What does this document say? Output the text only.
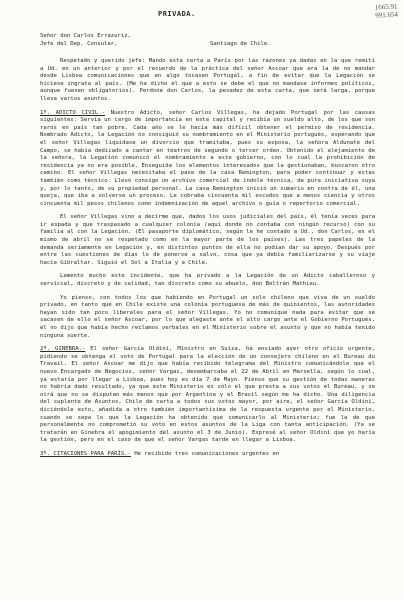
1665.91
991.654
PRIVADA.
Señor don Carlos Errazuriz,
Jefe del Dep. Consular,	Santiago de Chile.

Respetado y querido jefe: Mando esta carta a París por las razones ya dadas en la que remití a Ud. en un anterior y por el recuerdo de la práctica del señor Ascoar que era la de no mandar desde Lisboa comunicaciones que en algo tocasen Portugal, a fin de evitar que la Legación se hiciese ingrata al país. (Me ha dicho el que a esto se debe el que no mandase informes políticos, aunque fuesen obligatorios). Perdone don Carlos, la pesadez de esta carta, que será larga, porque lleva varios asuntos.

1º. ADICTO CIVIL.- Nuestro Adicto, señor Carlos Villegas, ha dejado Portugal por las causas siguientes: Servía un cargo de importancia en esta capital y recibía un sueldo alto, de los que son raros en país tan pobre. Cada año se le hacía más difícil obtener el permiso de residencia. Nombrado Adicto, la Legación no consiguió su nombramiento en el Ministerio portugués, esperando que el señor Villegas liquidase un divorcio que tramitaba, pues su esposa, la señora Aldunate del Campo, se había dedicado a cantar en teatros de segundo o tercer orden. Obtenido el alejamiento de la señora, la Legación comunicó el nombramiento a este gobierno, con lo cual la prohibición de residencia ya no era posible. Enseguida los elementos interesados que la gestionaban, buscaron otro camino. El señor Villegas necesitaba el pase de la casa Remington, para poder continuar y estas también como técnico. Llevó consigo un archivo comercial de índole técnica, de pura iniciativa suya y, por lo tanto, de su propiedad personal. La casa Remington inició un sumario en contra de él, una queja, que iba a volverse un proceso. Le cobraba cincuenta mil escudos que a menos ciencia y otros cincuenta mil pesos chilenos como indemnización de aquel archivo o guía o repertorio comercial.

El señor Villegas vino a decirme que, dados los usos judiciales del país, él tenía veces para ir espada y que traspasado a cualquier colonia (aquí donde no contaba con ningún recurso) con su familia al con la Legación. (El pasaporte diplomático, según le he contado a Ud., don Carlos, es el mismo de abril no se respetado como en la mayor parte de los países). Las tres papeles de la demanda seriamente en Legación y, en distintos puntos de ella no podían dar su apoyo. Después por entre las cuestiones de días lo de ponerse a salvo, cosa que ya debía familiarizarse y su viaje hacia Gibraltar. Siguió el Sol a Italia y a Chile.

Lamento mucho este incidente, que ha privado a la Legación de un Adicto caballeroso y servicial, discreto y de calidad, tan discreto como su abuelo, don Beltrán Mathieu.

Yo pienso, con todos los que habiendo en Portugal un solo chileno que viva de un sueldo privado, en tanto que en Chile existe una colonia portuguesa de más de quinientos, las autoridades hayan sido tan poco liberales para el señor Villegas. Yo no comunique nada para evitar que se sacasen de ello el señor Ascoar, por lo que alegaste ante el alto cargo ante el Gobierno Portugués, el no dijo que había hecho reclamos verbales en el Ministerio sobre el asunto y que no había tenido ninguna suerte.

2º. GINEBRA.- El señor García Oldini, Ministro en Suiza, ha enviado ayer otro oficio urgente, pidiendo se obtenga el voto de Portugal para la elección de un consejero chileno en el Bureau du Travail. El señor Ascoar me dijo que había recibido telegrama del Ministro comunicándole que el nuevo Encargado de Negocios, señor Vargas, desembarcaba el 22 de Abril en Marsella, según lo cual, ya estaría por llegar a Lisboa, pues hoy es día 7 de Mayo. Pienso que su gestión de todas maneras no habría dado resultado, ya que este Ministerio es sólo el que presta a sus votos el Bureau, y se oirá que no se disputan más menos que por Argentina y el Brasil según me ha dicho. Una diligencia del suplente de Asuntos, Chile de carta a todos sus votos mayor, por aire, el señor García Oldini, diciéndole esto, añadida a otro también importantísima de la respuesta urgente por el Ministerio, cuando se sepa lo que la Legación ha obtenido que comunicarlo al Ministerio; fue la de que personalmente no comprometió su voto en estos asuntos de la Liga con tanta anticipación. (Ya se tratarán en Ginebra el apogimiento del asunto el 3 de Junio). Expresé al señor Oldini que yo haría la gestión, pero en el caso de que el señor Vargas tarde en llegar a Lisboa.

3º. CITACIONES PARA PARÍS.- He recibido tres comunicaciones urgentes en
